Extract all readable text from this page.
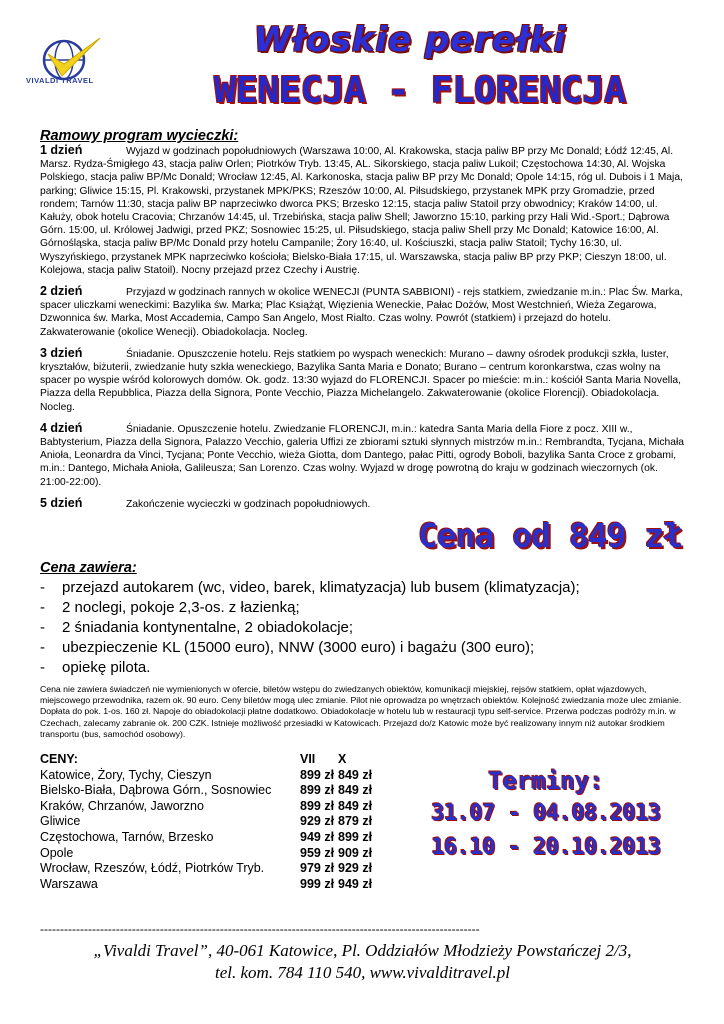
VIVALDI TRAVEL
Włoskie perełki
WENECJA - FLORENCJA

Ramowy program wycieczki:

1 dzień	Wyjazd w godzinach popołudniowych (Warszawa 10:00, Al. Krakowska, stacja paliw BP przy Mc Donald; Łódź 12:45, Al. Marsz. Rydza-Śmigłego 43, stacja paliw Orlen; Piotrków Tryb. 13:45, AL. Sikorskiego, stacja paliw Lukoil; Częstochowa 14:30, Al. Wojska Polskiego, stacja paliw BP/Mc Donald; Wrocław 12:45, Al. Karkonoska, stacja paliw BP przy Mc Donald; Opole 14:15, róg ul. Dubois i 1 Maja, parking; Gliwice 15:15, Pl. Krakowski, przystanek MPK/PKS; Rzeszów 10:00, Al. Piłsudskiego, przystanek MPK przy Gromadzie, przed rondem; Tarnów 11:30, stacja paliw BP naprzeciwko dworca PKS; Brzesko 12:15, stacja paliw Statoil przy obwodnicy; Kraków 14:00, ul. Kałuży, obok hotelu Cracovia; Chrzanów 14:45, ul. Trzebińska, stacja paliw Shell; Jaworzno 15:10, parking przy Hali Wid.-Sport.; Dąbrowa Górn. 15:00, ul. Królowej Jadwigi, przed PKZ; Sosnowiec 15:25, ul. Piłsudskiego, stacja paliw Shell przy Mc Donald; Katowice 16:00, Al. Górnośląska, stacja paliw BP/Mc Donald przy hotelu Campanile; Żory 16:40, ul. Kościuszki, stacja paliw Statoil; Tychy 16:30, ul. Wyszyńskiego, przystanek MPK naprzeciwko kościoła; Bielsko-Biała 17:15, ul. Warszawska, stacja paliw BP przy PKP; Cieszyn 18:00, ul. Kolejowa, stacja paliw Statoil). Nocny przejazd przez Czechy i Austrię.

2 dzień	Przyjazd w godzinach rannych w okolice WENECJI (PUNTA SABBIONI) - rejs statkiem, zwiedzanie m.in.: Plac Św. Marka, spacer uliczkami weneckimi: Bazylika św. Marka; Plac Książąt, Więzienia Weneckie, Pałac Dożów, Most Westchnień, Wieża Zegarowa, Dzwonnica św. Marka, Most Accademia, Campo San Angelo, Most Rialto. Czas wolny. Powrót (statkiem) i przejazd do hotelu. Zakwaterowanie (okolice Wenecji). Obiadokolacja. Nocleg.

3 dzień	Śniadanie. Opuszczenie hotelu. Rejs statkiem po wyspach weneckich: Murano – dawny ośrodek produkcji szkła, luster, kryształów, biżuterii, zwiedzanie huty szkła weneckiego, Bazylika Santa Maria e Donato; Burano – centrum koronkarstwa, czas wolny na spacer po wyspie wśród kolorowych domów. Ok. godz. 13:30 wyjazd do FLORENCJI. Spacer po mieście: m.in.: kościół Santa Maria Novella, Piazza della Repubblica, Piazza della Signora, Ponte Vecchio, Piazza Michelangelo. Zakwaterowanie (okolice Florencji). Obiadokolacja. Nocleg.

4 dzień	Śniadanie. Opuszczenie hotelu. Zwiedzanie FLORENCJI, m.in.: katedra Santa Maria della Fiore z pocz. XIII w., Babtysterium, Piazza della Signora, Palazzo Vecchio, galeria Uffizi ze zbiorami sztuki słynnych mistrzów m.in.: Rembrandta, Tycjana, Michała Anioła, Leonardra da Vinci, Tycjana; Ponte Vecchio, wieża Giotta, dom Dantego, pałac Pitti, ogrody Boboli, bazylika Santa Croce z grobami, m.in.: Dantego, Michała Anioła, Galileusza; San Lorenzo. Czas wolny. Wyjazd w drogę powrotną do kraju w godzinach wieczornych (ok. 21:00-22:00).

5 dzień	Zakończenie wycieczki w godzinach popołudniowych.

Cena od 849 zł

Cena zawiera:

- przejazd autokarem (wc, video, barek, klimatyzacja) lub busem (klimatyzacja);
- 2 noclegi, pokoje 2,3-os. z łazienką;
- 2 śniadania kontynentalne, 2 obiadokolacje;
- ubezpieczenie KL (15000 euro), NNW (3000 euro) i bagażu (300 euro);
- opiekę pilota.
Cena nie zawiera świadczeń nie wymienionych w ofercie, biletów wstępu do zwiedzanych obiektów, komunikacji miejskiej, rejsów statkiem, opłat wjazdowych, miejscowego przewodnika, razem ok. 90 euro. Ceny biletów mogą ulec zmianie. Pilot nie oprowadza po wnętrzach obiektów. Kolejność zwiedzania może ulec zmianie. Dopłata do pok. 1-os. 160 zł. Napoje do obiadokolacji płatne dodatkowo. Obiadokolacje w hotelu lub w restauracji typu self-service. Przerwa podczas podróży m.in. w Czechach, zalecamy zabranie ok. 200 CZK. Istnieje możliwość przesiadki w Katowicach. Przejazd do/z Katowic może być realizowany innym niż autokar środkiem transportu (bus, samochód osobowy).
CENY:	VII	X
Katowice, Żory, Tychy, Cieszyn	899 zł 849 zł
Bielsko-Biała, Dąbrowa Górn., Sosnowiec	899 zł 849 zł
Kraków, Chrzanów, Jaworzno	899 zł 849 zł
Gliwice	929 zł 879 zł
Częstochowa, Tarnów, Brzesko	949 zł 899 zł
Opole	959 zł 909 zł
Wrocław, Rzeszów, Łódź, Piotrków Tryb.	979 zł 929 zł
Warszawa	999 zł 949 zł
Terminy:
31.07 - 04.08.2013
16.10 - 20.10.2013
--------------------------------------------------------------------------------------------------------------
„Vivaldi Travel”, 40-061 Katowice, Pl. Oddziałów Młodzieży Powstańczej 2/3,
tel. kom. 784 110 540, www.vivalditravel.pl
